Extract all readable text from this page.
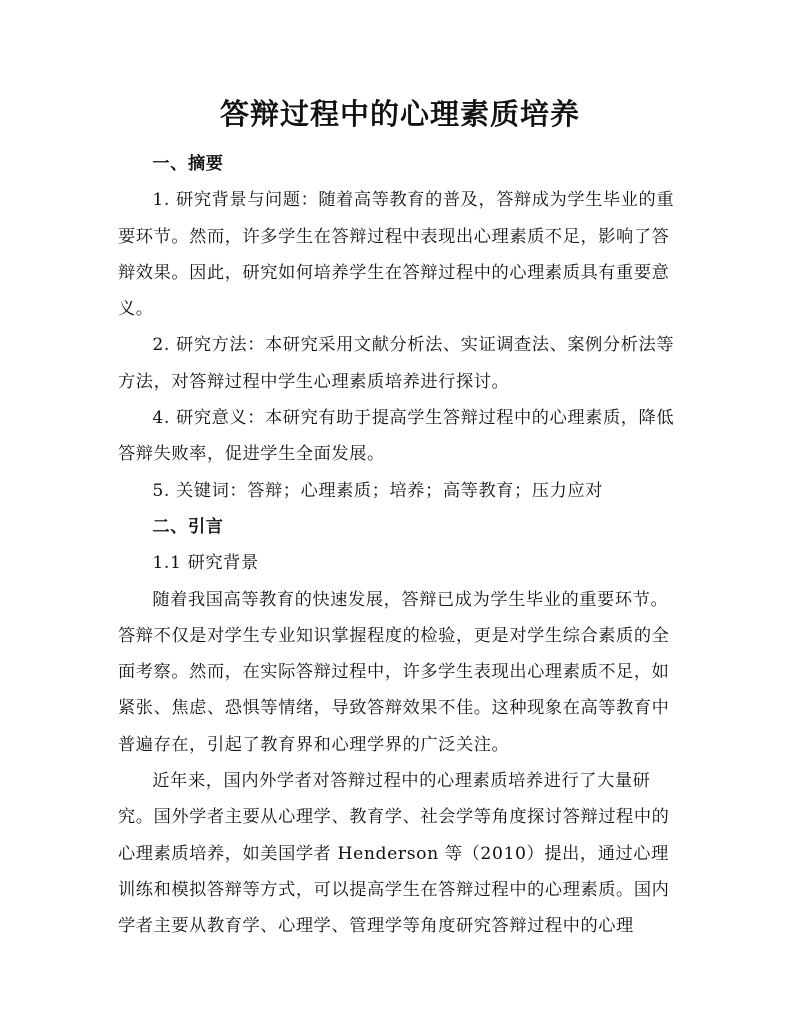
答辩过程中的心理素质培养

一、摘要

1. 研究背景与问题：随着高等教育的普及，答辩成为学生毕业的重要环节。然而，许多学生在答辩过程中表现出心理素质不足，影响了答辩效果。因此，研究如何培养学生在答辩过程中的心理素质具有重要意义。

2. 研究方法：本研究采用文献分析法、实证调查法、案例分析法等方法，对答辩过程中学生心理素质培养进行探讨。

4. 研究意义：本研究有助于提高学生答辩过程中的心理素质，降低答辩失败率，促进学生全面发展。

5. 关键词：答辩；心理素质；培养；高等教育；压力应对

二、引言

1.1 研究背景

随着我国高等教育的快速发展，答辩已成为学生毕业的重要环节。答辩不仅是对学生专业知识掌握程度的检验，更是对学生综合素质的全面考察。然而，在实际答辩过程中，许多学生表现出心理素质不足，如紧张、焦虑、恐惧等情绪，导致答辩效果不佳。这种现象在高等教育中普遍存在，引起了教育界和心理学界的广泛关注。

近年来，国内外学者对答辩过程中的心理素质培养进行了大量研究。国外学者主要从心理学、教育学、社会学等角度探讨答辩过程中的心理素质培养，如美国学者 Henderson 等（2010）提出，通过心理训练和模拟答辩等方式，可以提高学生在答辩过程中的心理素质。国内学者主要从教育学、心理学、管理学等角度研究答辩过程中的心理
